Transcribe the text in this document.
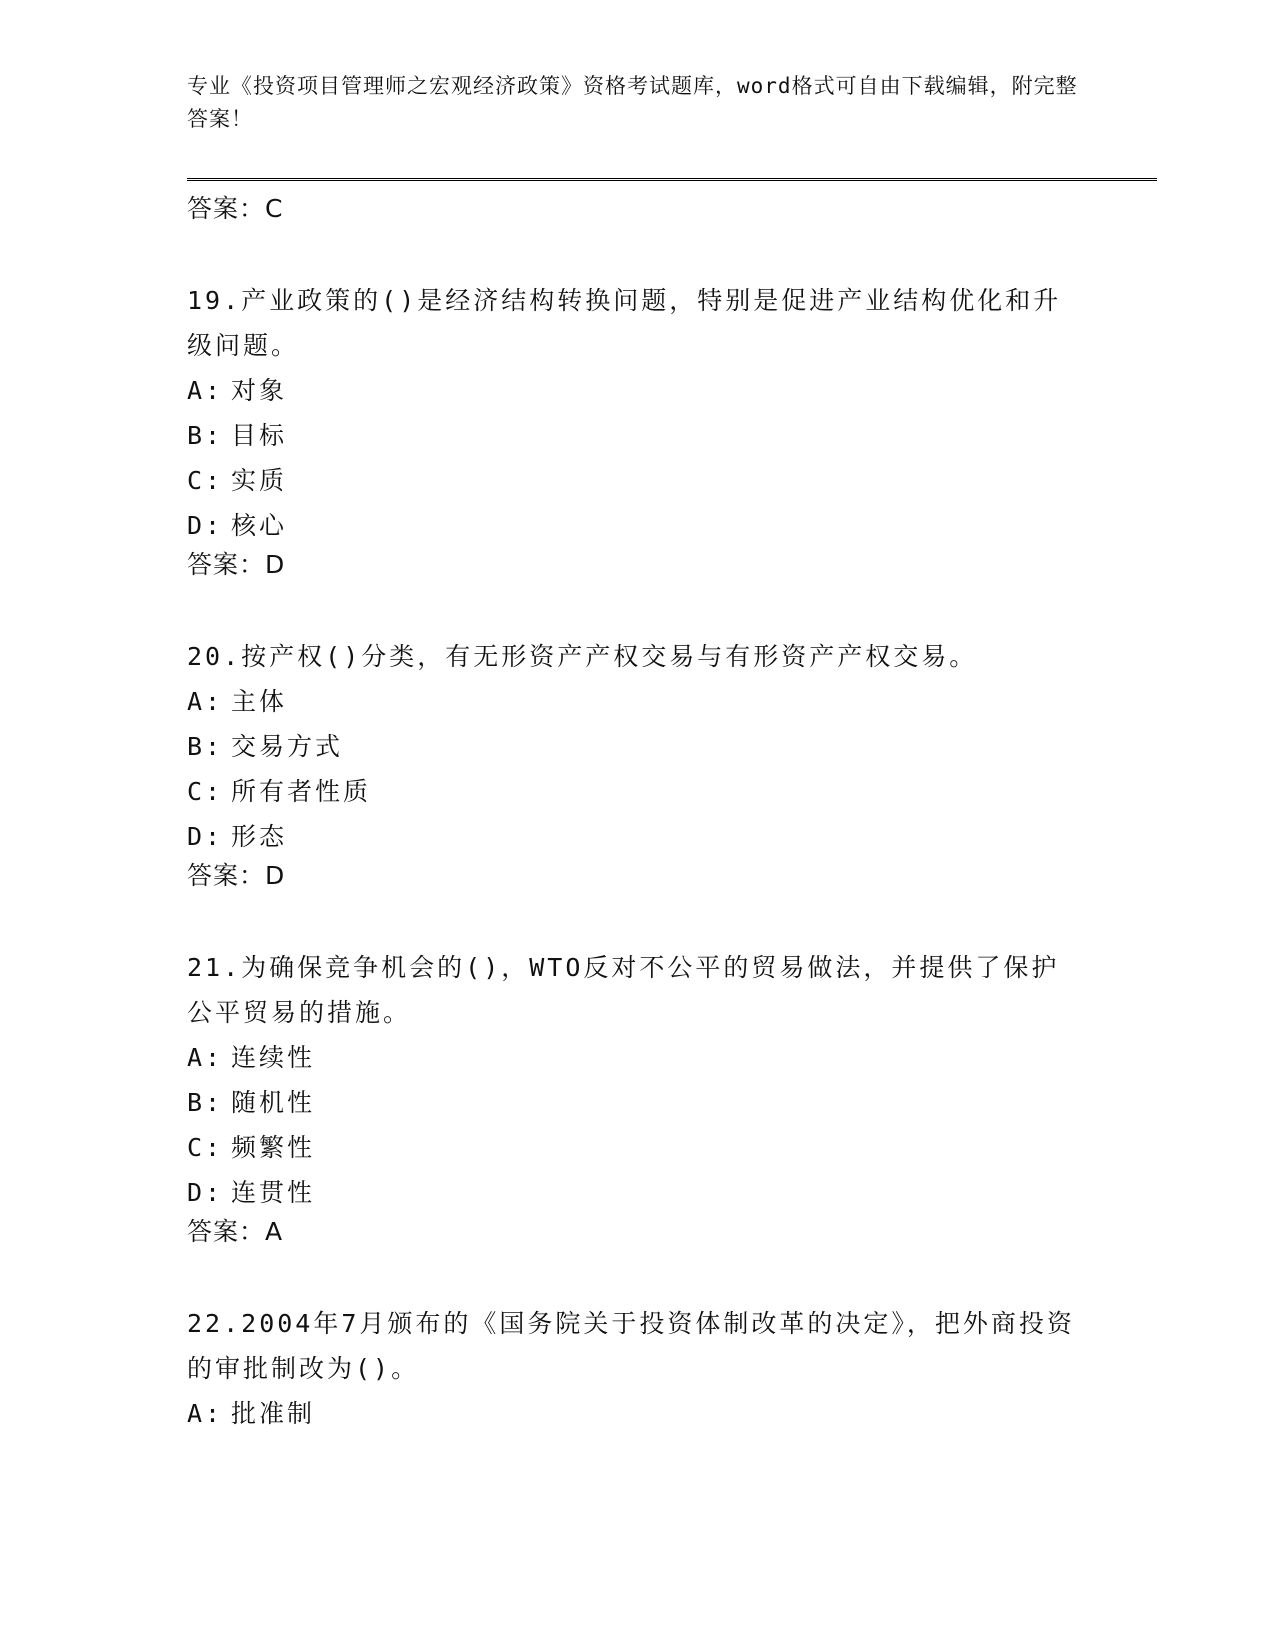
专业《投资项目管理师之宏观经济政策》资格考试题库，word格式可自由下载编辑，附完整答案！
答案：C
19.产业政策的()是经济结构转换问题，特别是促进产业结构优化和升级问题。
A: 对象
B: 目标
C: 实质
D: 核心
答案：D
20.按产权()分类，有无形资产产权交易与有形资产产权交易。
A: 主体
B: 交易方式
C: 所有者性质
D: 形态
答案：D
21.为确保竞争机会的()，WTO反对不公平的贸易做法，并提供了保护公平贸易的措施。
A: 连续性
B: 随机性
C: 频繁性
D: 连贯性
答案：A
22.2004年7月颁布的《国务院关于投资体制改革的决定》，把外商投资的审批制改为()。
A: 批准制
